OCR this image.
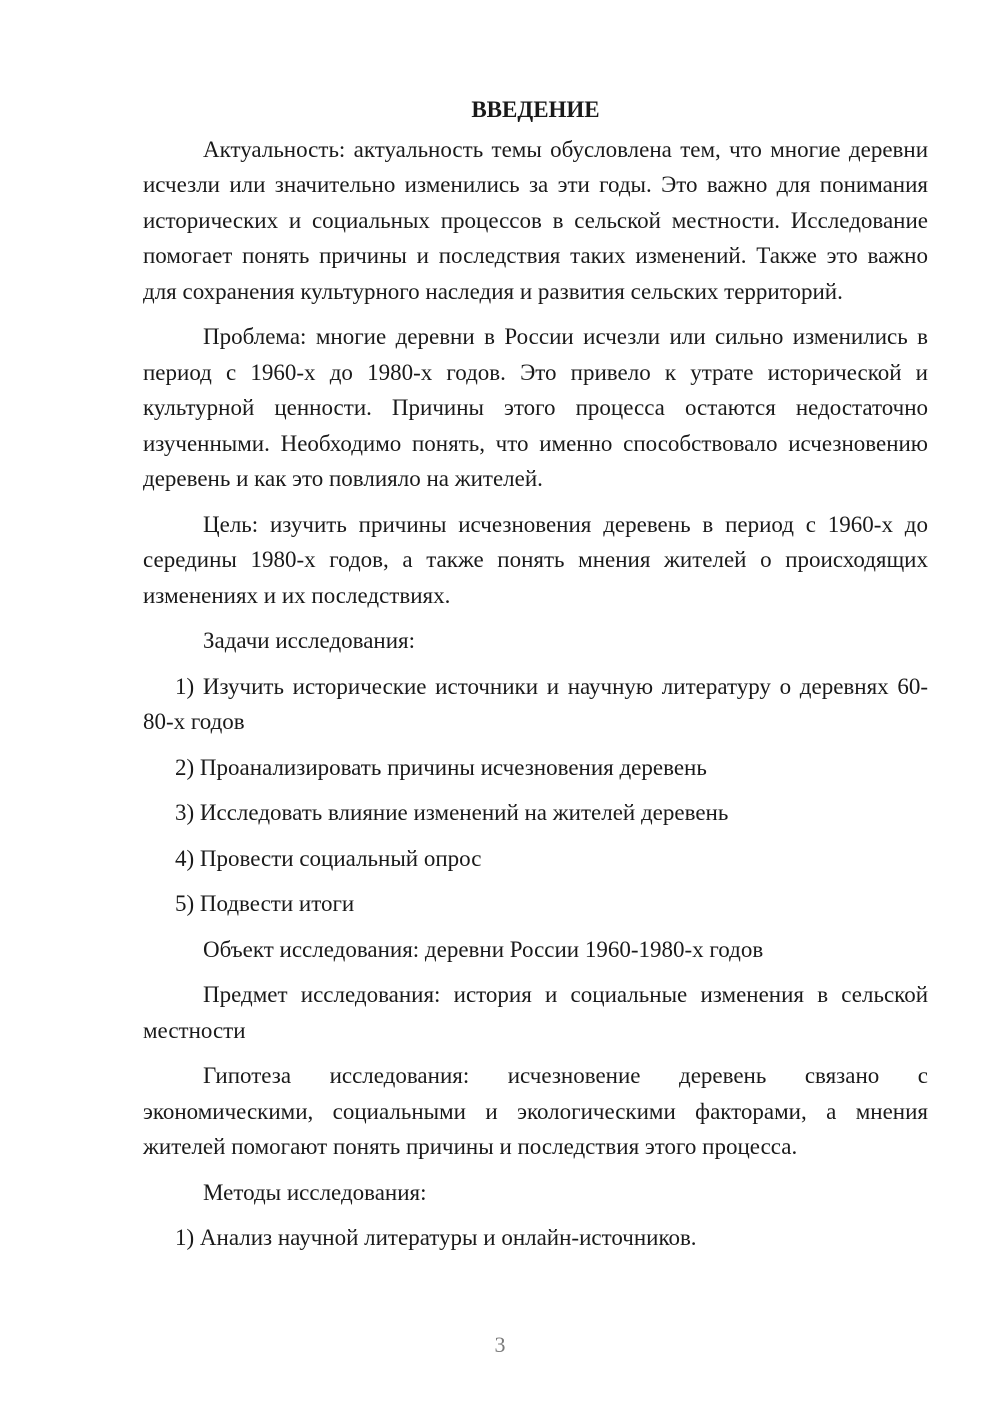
ВВЕДЕНИЕ

Актуальность: актуальность темы обусловлена тем, что многие деревни исчезли или значительно изменились за эти годы. Это важно для понимания исторических и социальных процессов в сельской местности. Исследование помогает понять причины и последствия таких изменений. Также это важно для сохранения культурного наследия и развития сельских территорий.

Проблема: многие деревни в России исчезли или сильно изменились в период с 1960-х до 1980-х годов. Это привело к утрате исторической и культурной ценности. Причины этого процесса остаются недостаточно изученными. Необходимо понять, что именно способствовало исчезновению деревень и как это повлияло на жителей.

Цель: изучить причины исчезновения деревень в период с 1960-х до середины 1980-х годов, а также понять мнения жителей о происходящих изменениях и их последствиях.

Задачи исследования:

1) Изучить исторические источники и научную литературу о деревнях 60-80-х годов

2) Проанализировать причины исчезновения деревень

3) Исследовать влияние изменений на жителей деревень

4) Провести социальный опрос

5) Подвести итоги

Объект исследования: деревни России 1960-1980-х годов

Предмет исследования: история и социальные изменения в сельской местности

Гипотеза исследования: исчезновение деревень связано с экономическими, социальными и экологическими факторами, а мнения жителей помогают понять причины и последствия этого процесса.

Методы исследования:

1) Анализ научной литературы и онлайн-источников.

3
